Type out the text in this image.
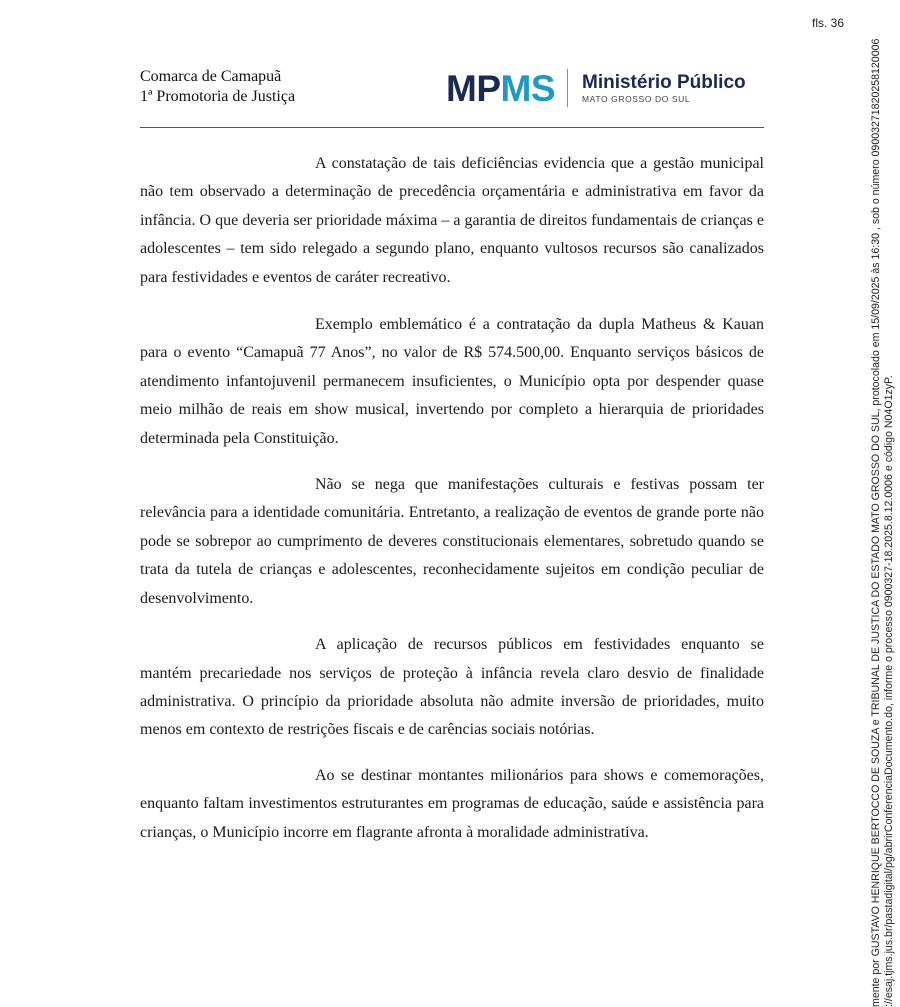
fls. 36
Comarca de Camapuã
1ª Promotoria de Justiça	MPMS Ministério Público
MATO GROSSO DO SUL

A constatação de tais deficiências evidencia que a gestão municipal não tem observado a determinação de precedência orçamentária e administrativa em favor da infância. O que deveria ser prioridade máxima – a garantia de direitos fundamentais de crianças e adolescentes – tem sido relegado a segundo plano, enquanto vultosos recursos são canalizados para festividades e eventos de caráter recreativo.

Exemplo emblemático é a contratação da dupla Matheus & Kauan para o evento “Camapuã 77 Anos”, no valor de R$ 574.500,00. Enquanto serviços básicos de atendimento infantojuvenil permanecem insuficientes, o Município opta por despender quase meio milhão de reais em show musical, invertendo por completo a hierarquia de prioridades determinada pela Constituição.

Não se nega que manifestações culturais e festivas possam ter relevância para a identidade comunitária. Entretanto, a realização de eventos de grande porte não pode se sobrepor ao cumprimento de deveres constitucionais elementares, sobretudo quando se trata da tutela de crianças e adolescentes, reconhecidamente sujeitos em condição peculiar de desenvolvimento.

A aplicação de recursos públicos em festividades enquanto se mantém precariedade nos serviços de proteção à infância revela claro desvio de finalidade administrativa. O princípio da prioridade absoluta não admite inversão de prioridades, muito menos em contexto de restrições fiscais e de carências sociais notórias.

Ao se destinar montantes milionários para shows e comemorações, enquanto faltam investimentos estruturantes em programas de educação, saúde e assistência para crianças, o Município incorre em flagrante afronta à moralidade administrativa.	mente por GUSTAVO HENRIQUE BERTOCCO DE SOUZA e TRIBUNAL DE JUSTICA DO ESTADO MATO GROSSO DO SUL, protocolado em 15/09/2025 às 16:30 , sob o número 09003271820258120006 ://esaj.tjms.jus.br/pastadigital/pg/abrirConferenciaDocumento.do, informe o processo 0900327-18.2025.8.12.0006 e código N04O1zyP.
